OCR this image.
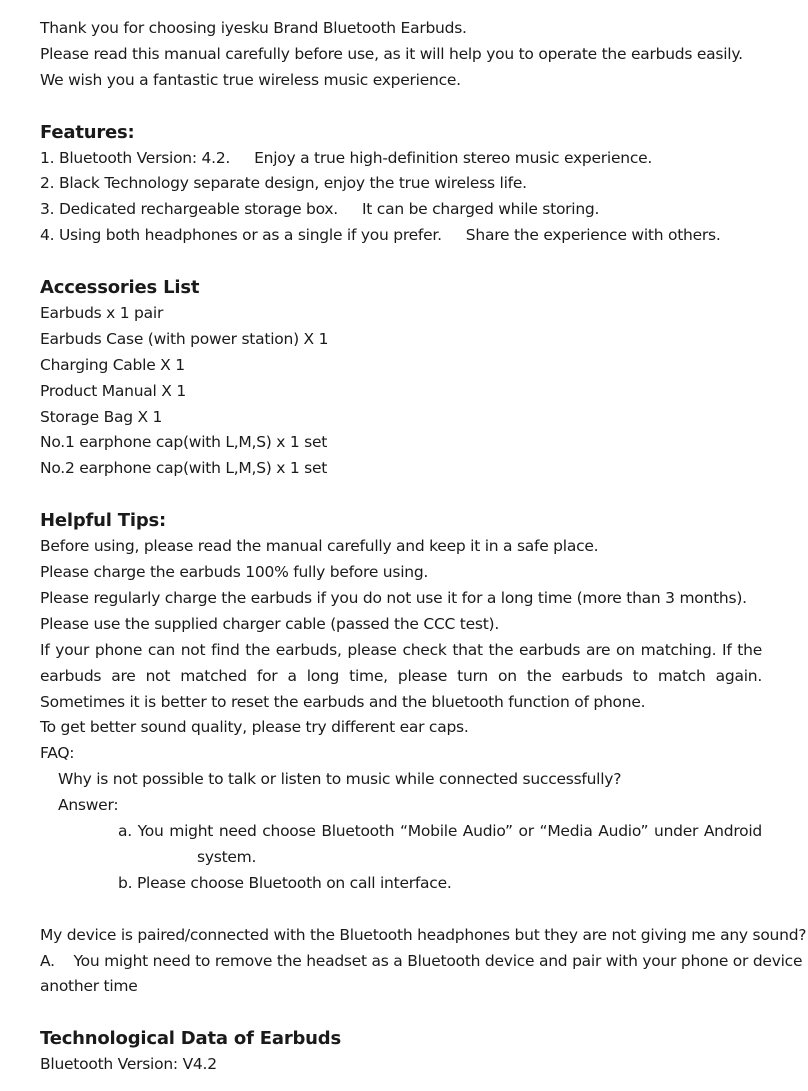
Thank you for choosing iyesku Brand Bluetooth Earbuds.
Please read this manual carefully before use, as it will help you to operate the earbuds easily.
We wish you a fantastic true wireless music experience.
Features:
1. Bluetooth Version: 4.2. Enjoy a true high-definition stereo music experience.
2. Black Technology separate design, enjoy the true wireless life.
3. Dedicated rechargeable storage box. It can be charged while storing.
4. Using both headphones or as a single if you prefer. Share the experience with others.
Accessories List
Earbuds x 1 pair
Earbuds Case (with power station) X 1
Charging Cable X 1
Product Manual X 1
Storage Bag X 1
No.1 earphone cap(with L,M,S) x 1 set
No.2 earphone cap(with L,M,S) x 1 set
Helpful Tips:
Before using, please read the manual carefully and keep it in a safe place.
Please charge the earbuds 100% fully before using.
Please regularly charge the earbuds if you do not use it for a long time (more than 3 months).
Please use the supplied charger cable (passed the CCC test).
If your phone can not find the earbuds, please check that the earbuds are on matching. If the earbuds are not matched for a long time, please turn on the earbuds to match again. Sometimes it is better to reset the earbuds and the bluetooth function of phone.
To get better sound quality, please try different ear caps.
FAQ:
Why is not possible to talk or listen to music while connected successfully?
Answer:
a. You might need choose Bluetooth “Mobile Audio” or “Media Audio” under Android
system.
b. Please choose Bluetooth on call interface.
My device is paired/connected with the Bluetooth headphones but they are not giving me any sound?
A.    You might need to remove the headset as a Bluetooth device and pair with your phone or device
another time
Technological Data of Earbuds
Bluetooth Version: V4.2
